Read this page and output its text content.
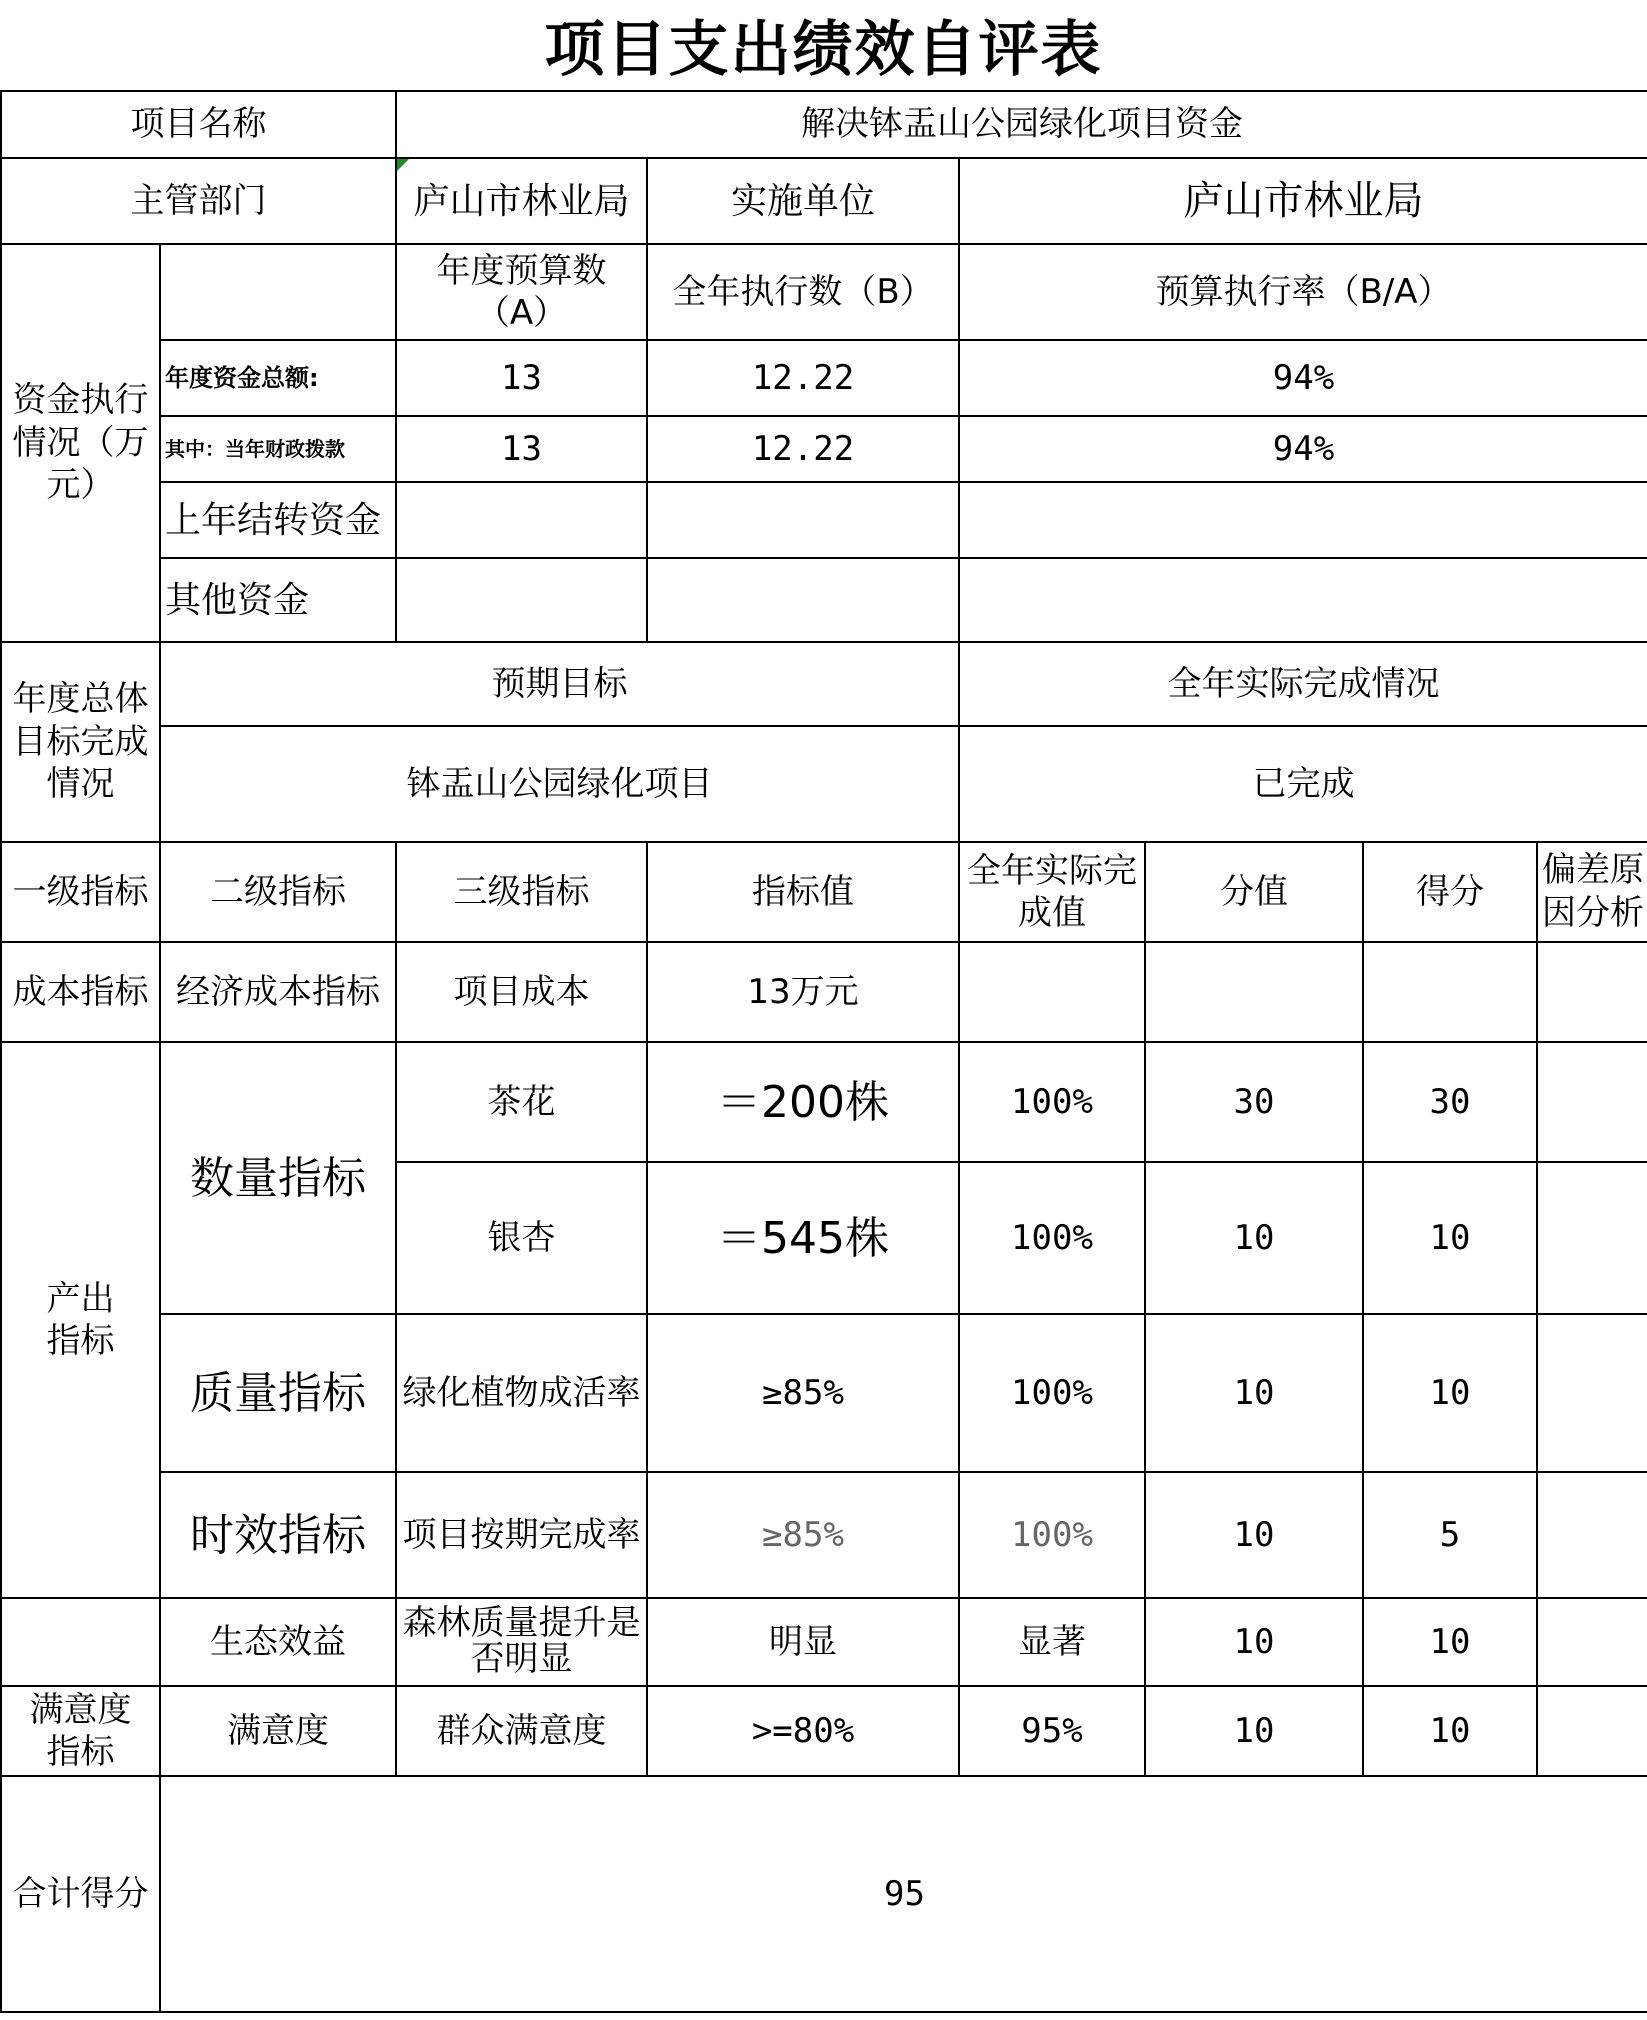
项目支出绩效自评表
项目名称		解决钵盂山公园绿化项目资金					
主管部门		庐山市林业局	实施单位	庐山市林业局			
资金执行情况（万元）		年度预算数（A）	全年执行数（B）	预算执行率（B/A）			
	年度资金总额:	13	12.22	94%			
	其中：当年财政拨款	13	12.22	94%			
	上年结转资金						
	其他资金						
年度总体目标完成情况	预期目标			全年实际完成情况			
	钵盂山公园绿化项目			已完成			
一级指标	二级指标	三级指标	指标值	全年实际完成值	分值	得分	偏差原因分析
成本指标	经济成本指标	项目成本	13万元				
产出指标	数量指标	茶花	＝200株	100%	30	30	
		银杏	＝545株	100%	10	10	
	质量指标	绿化植物成活率	≥85%	100%	10	10	
	时效指标	项目按期完成率	≥85%	100%	10	5	
	生态效益	森林质量提升是否明显	明显	显著	10	10	
满意度指标	满意度	群众满意度	>=80%	95%	10	10	
合计得分	95						
